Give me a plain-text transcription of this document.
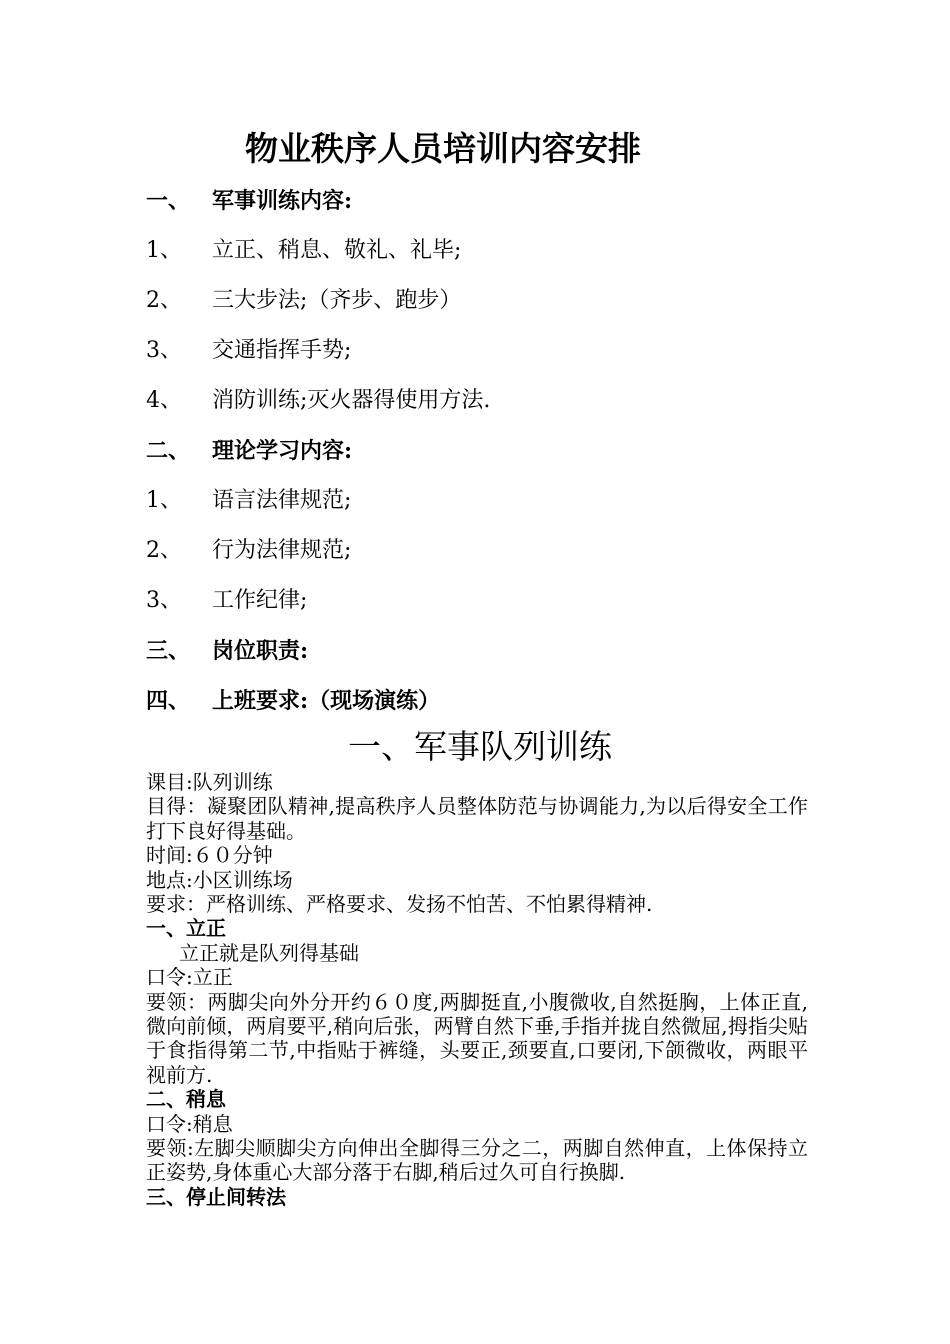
物业秩序人员培训内容安排
一、 军事训练内容:
1、 立正、稍息、敬礼、礼毕;
2、 三大步法;（齐步、跑步）
3、 交通指挥手势;
4、 消防训练;灭火器得使用方法.
二、 理论学习内容:
1、 语言法律规范;
2、 行为法律规范;
3、 工作纪律;
三、 岗位职责:
四、 上班要求:（现场演练）
一、军事队列训练
课目:队列训练
目得：凝聚团队精神,提高秩序人员整体防范与协调能力,为以后得安全工作打下良好得基础。
时间:６０分钟
地点:小区训练场
要求：严格训练、严格要求、发扬不怕苦、不怕累得精神.
一、立正
立正就是队列得基础
口令:立正
要领：两脚尖向外分开约６０度,两脚挺直,小腹微收,自然挺胸，上体正直,微向前倾，两肩要平,稍向后张，两臂自然下垂,手指并拢自然微屈,拇指尖贴于食指得第二节,中指贴于裤缝，头要正,颈要直,口要闭,下颌微收，两眼平视前方.
二、稍息
口令:稍息
要领:左脚尖顺脚尖方向伸出全脚得三分之二，两脚自然伸直，上体保持立正姿势,身体重心大部分落于右脚,稍后过久可自行换脚.
三、停止间转法
